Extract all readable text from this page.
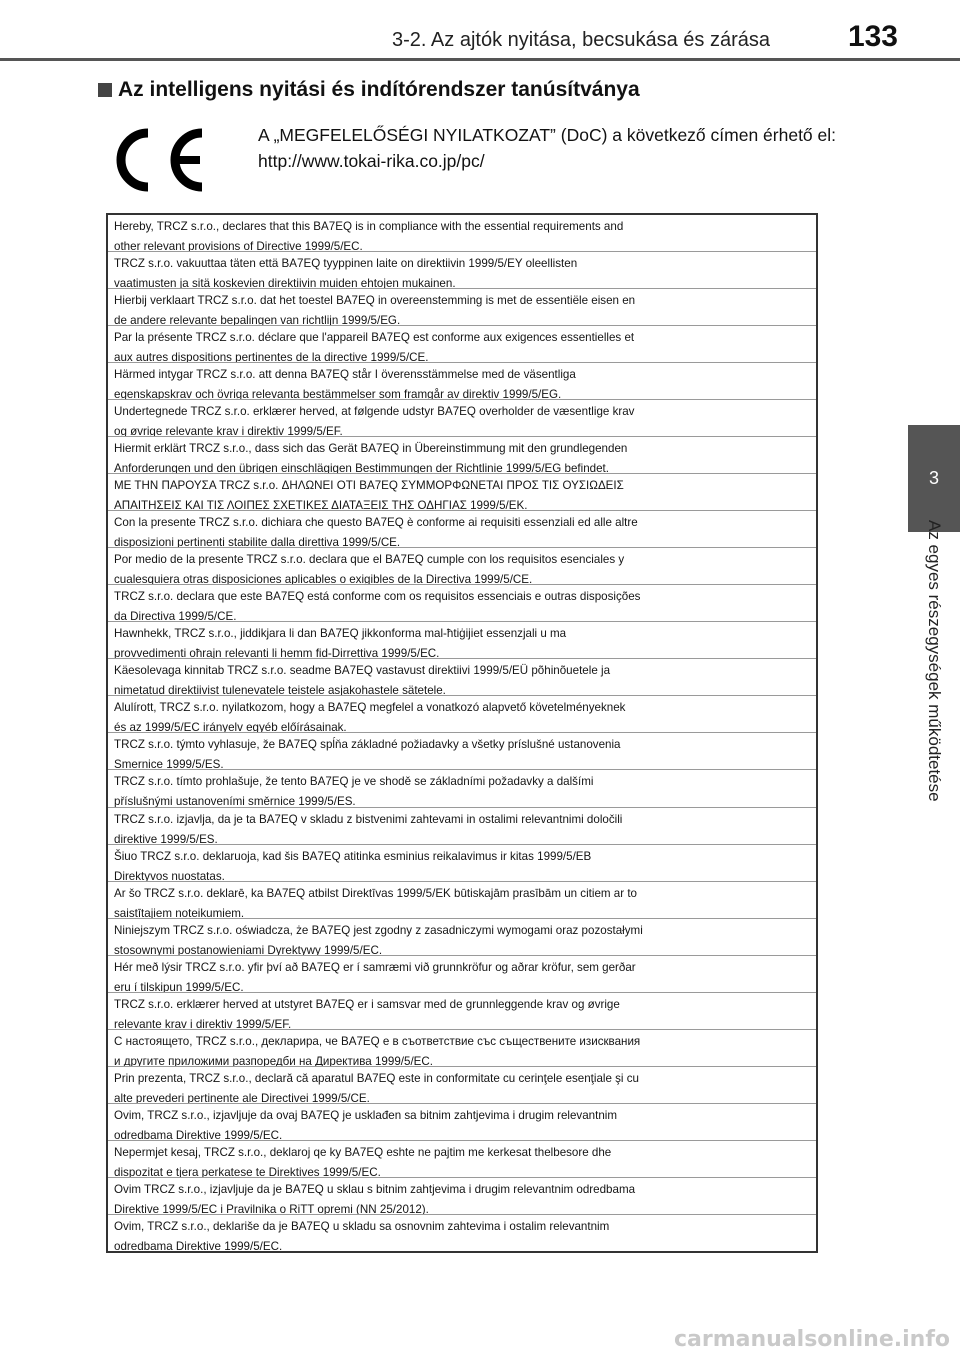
3-2. Az ajtók nyitása, becsukása és zárása	133
Az intelligens nyitási és indítórendszer tanúsítványa
A „MEGFELELŐSÉGI NYILATKOZAT” (DoC) a következő címen érhető el:
http://www.tokai-rika.co.jp/pc/
Hereby, TRCZ s.r.o., declares that this BA7EQ is in compliance with the essential requirements and
other relevant provisions of Directive 1999/5/EC.
TRCZ s.r.o. vakuuttaa täten että BA7EQ tyyppinen laite on direktiivin 1999/5/EY oleellisten
vaatimusten ja sitä koskevien direktiivin muiden ehtojen mukainen.
Hierbij verklaart TRCZ s.r.o. dat het toestel BA7EQ in overeenstemming is met de essentiële eisen en
de andere relevante bepalingen van richtlijn 1999/5/EG.
Par la présente TRCZ s.r.o. déclare que l'appareil BA7EQ est conforme aux exigences essentielles et
aux autres dispositions pertinentes de la directive 1999/5/CE.
Härmed intygar TRCZ s.r.o. att denna BA7EQ står I överensstämmelse med de väsentliga
egenskapskrav och övriga relevanta bestämmelser som framgår av direktiv 1999/5/EG.
Undertegnede TRCZ s.r.o. erklærer herved, at følgende udstyr BA7EQ overholder de væsentlige krav
og øvrige relevante krav i direktiv 1999/5/EF.
Hiermit erklärt TRCZ s.r.o., dass sich das Gerät BA7EQ in Übereinstimmung mit den grundlegenden
Anforderungen und den übrigen einschlägigen Bestimmungen der Richtlinie 1999/5/EG befindet.
ΜΕ ΤΗΝ ΠΑΡΟΥΣΑ TRCZ s.r.o. ΔΗΛΩΝΕΙ ΟΤΙ BA7EQ ΣΥΜΜΟΡΦΩΝΕΤΑΙ ΠΡΟΣ ΤΙΣ ΟΥΣΙΩΔΕΙΣ
ΑΠΑΙΤΗΣΕΙΣ ΚΑΙ ΤΙΣ ΛΟΙΠΕΣ ΣΧΕΤΙΚΕΣ ΔΙΑΤΑΞΕΙΣ ΤΗΣ ΟΔΗΓΙΑΣ 1999/5/ΕΚ.
Con la presente TRCZ s.r.o. dichiara che questo BA7EQ è conforme ai requisiti essenziali ed alle altre
disposizioni pertinenti stabilite dalla direttiva 1999/5/CE.
Por medio de la presente TRCZ s.r.o. declara que el BA7EQ cumple con los requisitos esenciales y
cualesquiera otras disposiciones aplicables o exigibles de la Directiva 1999/5/CE.
TRCZ s.r.o. declara que este BA7EQ está conforme com os requisitos essenciais e outras disposições
da Directiva 1999/5/CE.
Hawnhekk, TRCZ s.r.o., jiddikjara li dan BA7EQ jikkonforma mal-ħtiġijiet essenzjali u ma
provvedimenti oħrajn relevanti li hemm fid-Dirrettiva 1999/5/EC.
Käesolevaga kinnitab TRCZ s.r.o. seadme BA7EQ vastavust direktiivi 1999/5/EÜ põhinõuetele ja
nimetatud direktiivist tulenevatele teistele asjakohastele sätetele.
Alulírott, TRCZ s.r.o. nyilatkozom, hogy a BA7EQ megfelel a vonatkozó alapvető követelményeknek
és az 1999/5/EC irányelv egyéb előírásainak.
TRCZ s.r.o. týmto vyhlasuje, že BA7EQ spĺňa základné požiadavky a všetky príslušné ustanovenia
Smernice 1999/5/ES.
TRCZ s.r.o. tímto prohlašuje, že tento BA7EQ je ve shodě se základními požadavky a dalšími
příslušnými ustanoveními směrnice 1999/5/ES.
TRCZ s.r.o. izjavlja, da je ta BA7EQ v skladu z bistvenimi zahtevami in ostalimi relevantnimi določili
direktive 1999/5/ES.
Šiuo TRCZ s.r.o. deklaruoja, kad šis BA7EQ atitinka esminius reikalavimus ir kitas 1999/5/EB
Direktyvos nuostatas.
Ar šo TRCZ s.r.o. deklarē, ka BA7EQ atbilst Direktīvas 1999/5/EK būtiskajām prasībām un citiem ar to
saistītajiem noteikumiem.
Niniejszym TRCZ s.r.o. oświadcza, że BA7EQ jest zgodny z zasadniczymi wymogami oraz pozostałymi
stosownymi postanowieniami Dyrektywy 1999/5/EC.
Hér með lýsir TRCZ s.r.o. yfir því að BA7EQ er í samræmi við grunnkröfur og aðrar kröfur, sem gerðar
eru í tilskipun 1999/5/EC.
TRCZ s.r.o. erklærer herved at utstyret BA7EQ er i samsvar med de grunnleggende krav og øvrige
relevante krav i direktiv 1999/5/EF.
С настоящето, TRCZ s.r.o., декларира, че BA7EQ е в съответствие със съществените изисквания
и другите приложими разпоредби на Директива 1999/5/ЕС.
Prin prezenta, TRCZ s.r.o., declară că aparatul BA7EQ este in conformitate cu cerinţele esenţiale şi cu
alte prevederi pertinente ale Directivei 1999/5/CE.
Ovim, TRCZ s.r.o., izjavljuje da ovaj BA7EQ je usklađen sa bitnim zahtjevima i drugim relevantnim
odredbama Direktive 1999/5/EC.
Nepermjet kesaj, TRCZ s.r.o., deklaroj qe ky BA7EQ eshte ne pajtim me kerkesat thelbesore dhe
dispozitat e tjera perkatese te Direktives 1999/5/EC.
Ovim TRCZ s.r.o., izjavljuje da je BA7EQ u sklau s bitnim zahtjevima i drugim relevantnim odredbama
Direktive 1999/5/EC i Pravilnika o RiTT opremi (NN 25/2012).
Ovim, TRCZ s.r.o., deklariše da je BA7EQ u skladu sa osnovnim zahtevima i ostalim relevantnim
odredbama Direktive 1999/5/EC.
3
Az egyes részegységek működtetése
carmanualsonline.info
